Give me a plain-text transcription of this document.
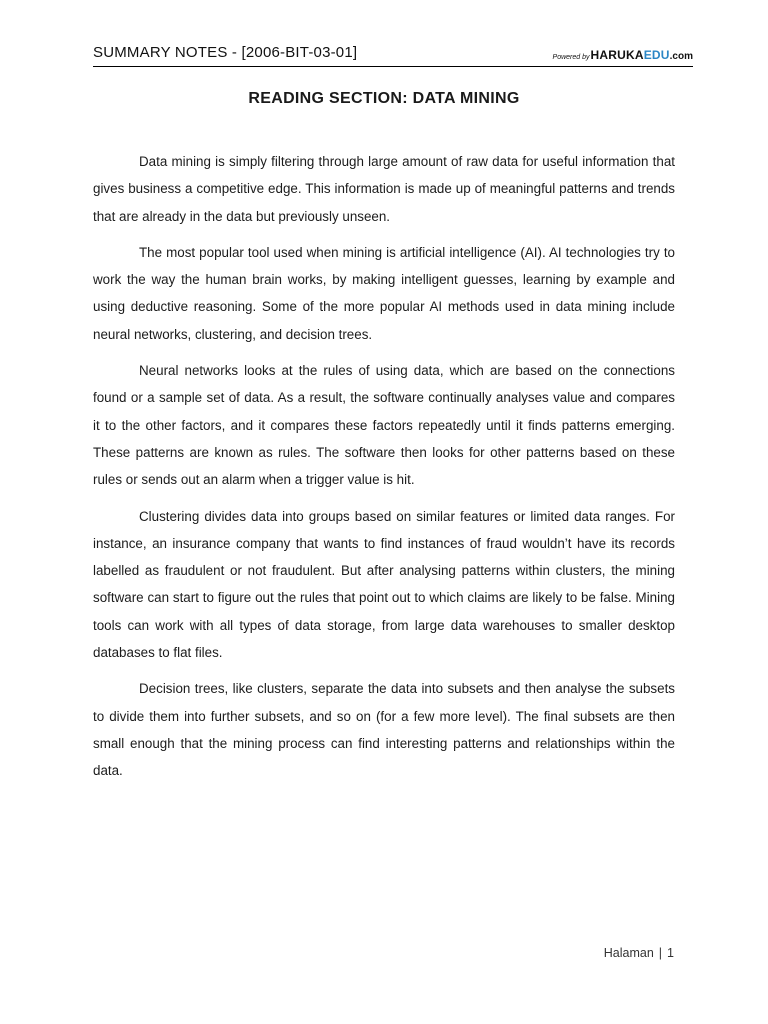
SUMMARY NOTES - [2006-BIT-03-01]	Powered byHARUKAEDU.com
READING SECTION: DATA MINING

Data mining is simply filtering through large amount of raw data for useful information that gives business a competitive edge. This information is made up of meaningful patterns and trends that are already in the data but previously unseen.

The most popular tool used when mining is artificial intelligence (AI). AI technologies try to work the way the human brain works, by making intelligent guesses, learning by example and using deductive reasoning. Some of the more popular AI methods used in data mining include neural networks, clustering, and decision trees.

Neural networks looks at the rules of using data, which are based on the connections found or a sample set of data. As a result, the software continually analyses value and compares it to the other factors, and it compares these factors repeatedly until it finds patterns emerging. These patterns are known as rules. The software then looks for other patterns based on these rules or sends out an alarm when a trigger value is hit.

Clustering divides data into groups based on similar features or limited data ranges. For instance, an insurance company that wants to find instances of fraud wouldn’t have its records labelled as fraudulent or not fraudulent. But after analysing patterns within clusters, the mining software can start to figure out the rules that point out to which claims are likely to be false. Mining tools can work with all types of data storage, from large data warehouses to smaller desktop databases to flat files.

Decision trees, like clusters, separate the data into subsets and then analyse the subsets to divide them into further subsets, and so on (for a few more level). The final subsets are then small enough that the mining process can find interesting patterns and relationships within the data.

Halaman | 1
